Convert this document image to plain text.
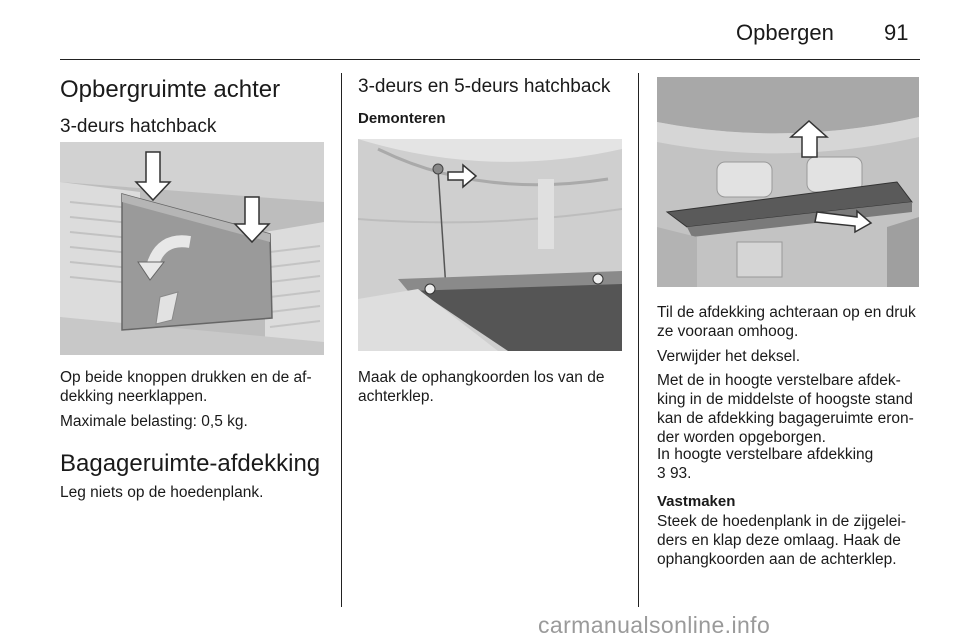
Opbergen 91
Opbergruimte achter
3-deurs hatchback
Op beide knoppen drukken en de af-
dekking neerklappen.
Maximale belasting: 0,5 kg.
Bagageruimte-afdekking
Leg niets op de hoedenplank.
3-deurs en 5-deurs hatchback
Demonteren
Maak de ophangkoorden los van de
achterklep.
Til de afdekking achteraan op en druk
ze vooraan omhoog.
Verwijder het deksel.
Met de in hoogte verstelbare afdek-
king in de middelste of hoogste stand
kan de afdekking bagageruimte eron-
der worden opgeborgen.
In hoogte verstelbare afdekking
3 93.
Vastmaken
Steek de hoedenplank in de zijgelei-
ders en klap deze omlaag. Haak de
ophangkoorden aan de achterklep.
carmanualsonline.info
